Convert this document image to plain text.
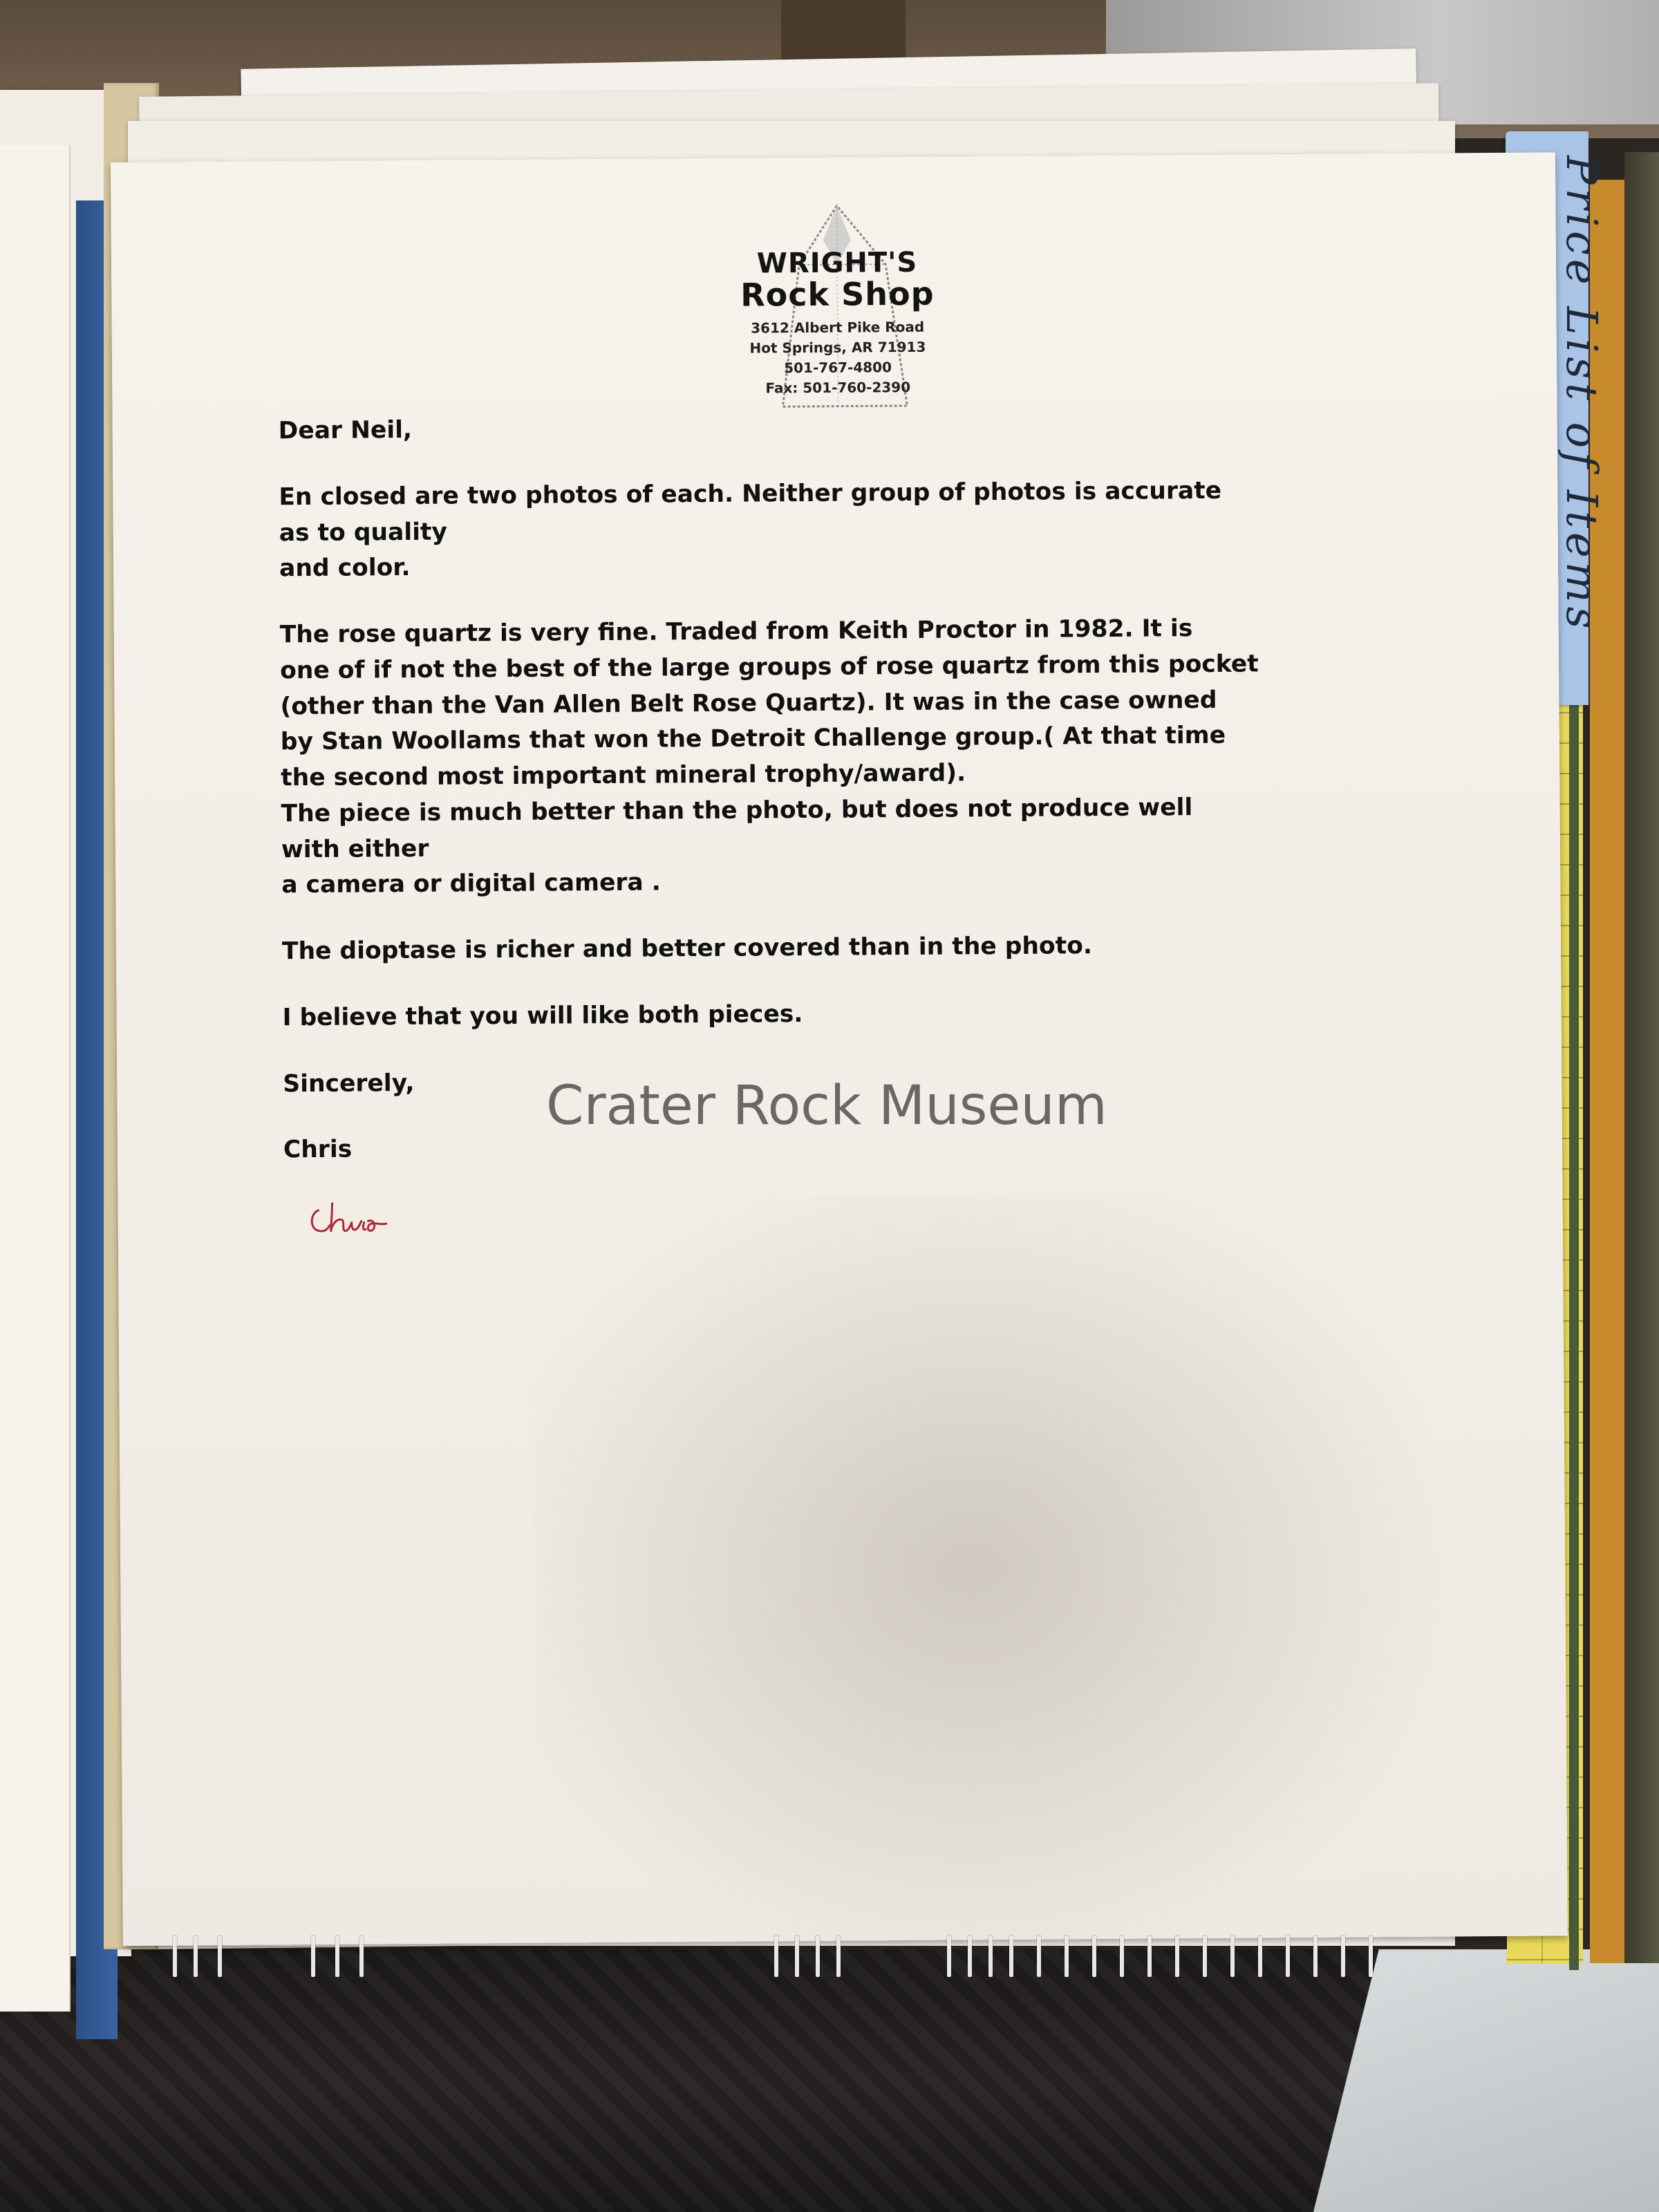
Price List of Items
WRIGHT'S
Rock Shop
3612 Albert Pike Road
Hot Springs, AR 71913
501-767-4800
Fax: 501-760-2390

Dear Neil,

En closed are two photos of each. Neither group of photos is accurate
as to quality
and color.

The rose quartz is very fine. Traded from Keith Proctor in 1982. It is
one of if not the best of the large groups of rose quartz from this pocket
(other than the Van Allen Belt Rose Quartz). It was in the case owned
by Stan Woollams that won the Detroit Challenge group.( At that time
the second most important mineral trophy/award).
The piece is much better than the photo, but does not produce well
with either
a camera or digital camera .

The dioptase is richer and better covered than in the photo.

I believe that you will like both pieces.

Sincerely,

Chris

Crater Rock Museum
